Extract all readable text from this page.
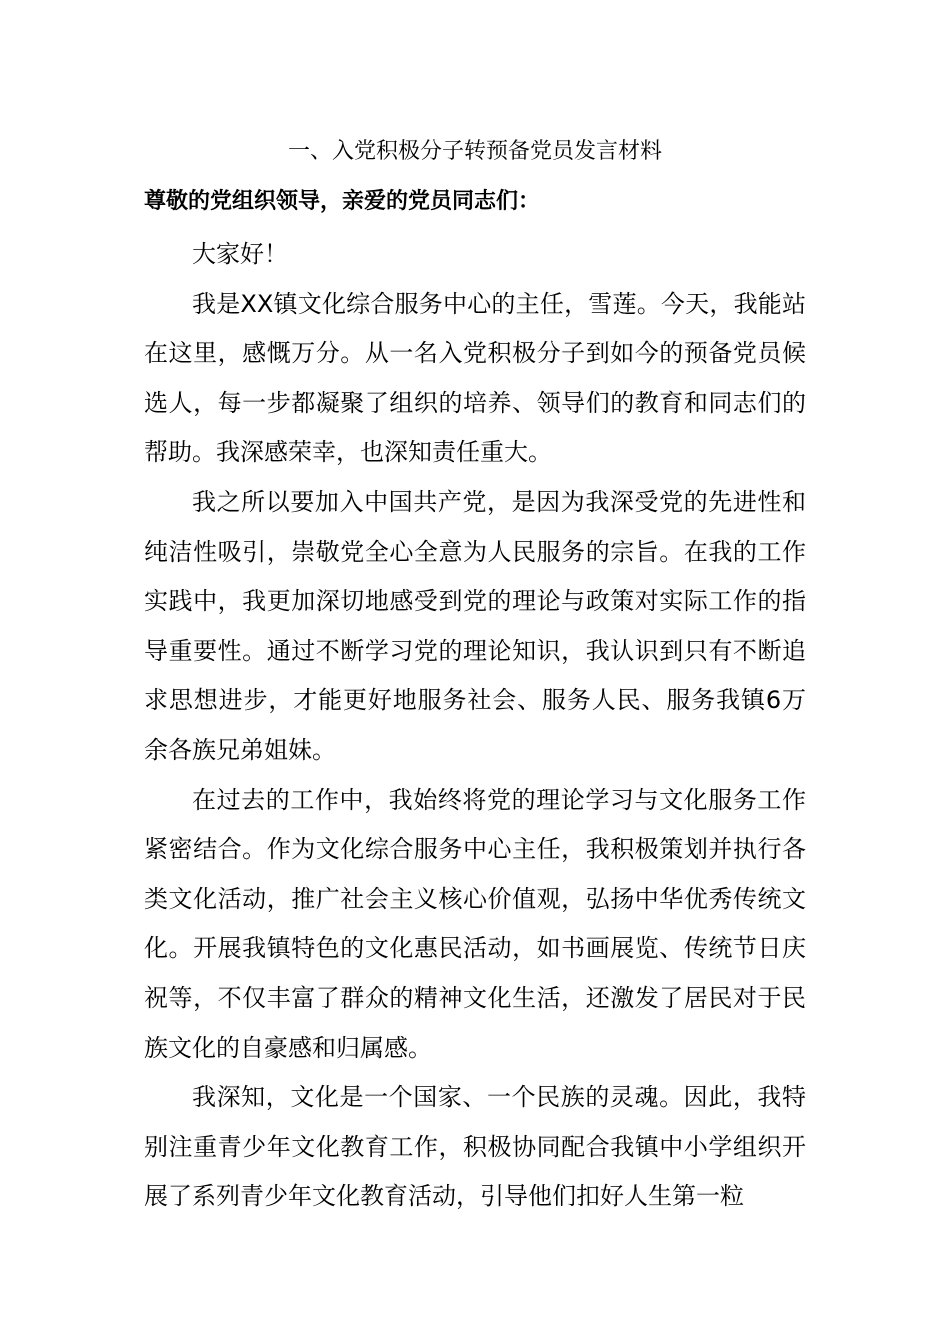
一、入党积极分子转预备党员发言材料

尊敬的党组织领导，亲爱的党员同志们：

大家好！

我是XX镇文化综合服务中心的主任，雪莲。今天，我能站在这里，感慨万分。从一名入党积极分子到如今的预备党员候选人，每一步都凝聚了组织的培养、领导们的教育和同志们的帮助。我深感荣幸，也深知责任重大。

我之所以要加入中国共产党，是因为我深受党的先进性和纯洁性吸引，崇敬党全心全意为人民服务的宗旨。在我的工作实践中，我更加深切地感受到党的理论与政策对实际工作的指导重要性。通过不断学习党的理论知识，我认识到只有不断追求思想进步，才能更好地服务社会、服务人民、服务我镇6万余各族兄弟姐妹。

在过去的工作中，我始终将党的理论学习与文化服务工作紧密结合。作为文化综合服务中心主任，我积极策划并执行各类文化活动，推广社会主义核心价值观，弘扬中华优秀传统文化。开展我镇特色的文化惠民活动，如书画展览、传统节日庆祝等，不仅丰富了群众的精神文化生活，还激发了居民对于民族文化的自豪感和归属感。

我深知，文化是一个国家、一个民族的灵魂。因此，我特别注重青少年文化教育工作，积极协同配合我镇中小学组织开展了系列青少年文化教育活动，引导他们扣好人生第一粒
